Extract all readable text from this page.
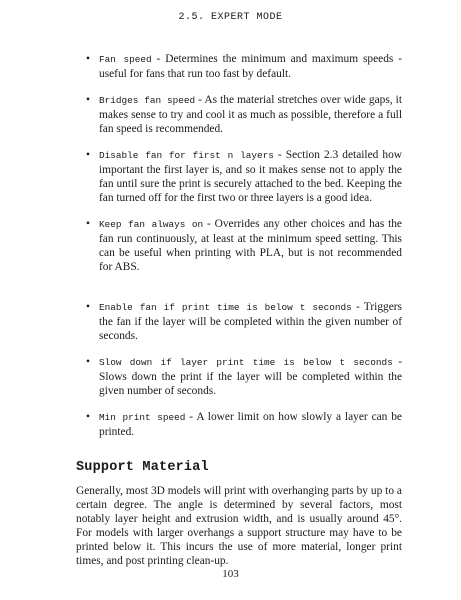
2.5. EXPERT MODE
• Fan speed - Determines the minimum and maximum speeds - useful for fans that run too fast by default.
• Bridges fan speed - As the material stretches over wide gaps, it makes sense to try and cool it as much as possible, therefore a full fan speed is recommended.
• Disable fan for first n layers - Section 2.3 detailed how important the first layer is, and so it makes sense not to apply the fan until sure the print is securely attached to the bed. Keeping the fan turned off for the first two or three layers is a good idea.
• Keep fan always on - Overrides any other choices and has the fan run continuously, at least at the minimum speed setting. This can be useful when printing with PLA, but is not recommended for ABS.
• Enable fan if print time is below t seconds - Triggers the fan if the layer will be completed within the given number of seconds.
• Slow down if layer print time is below t seconds - Slows down the print if the layer will be completed within the given number of seconds.
• Min print speed - A lower limit on how slowly a layer can be printed.
Support Material

Generally, most 3D models will print with overhanging parts by up to a certain degree. The angle is determined by several factors, most notably layer height and extrusion width, and is usually around 45°. For models with larger overhangs a support structure may have to be printed below it. This incurs the use of more material, longer print times, and post printing clean-up.

103
